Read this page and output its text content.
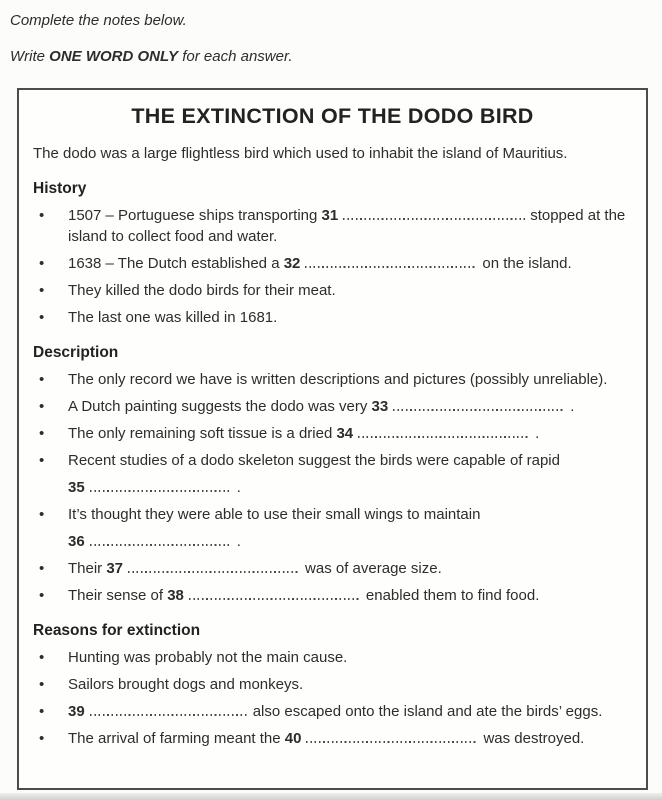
Complete the notes below.
Write ONE WORD ONLY for each answer.
THE EXTINCTION OF THE DODO BIRD
The dodo was a large flightless bird which used to inhabit the island of Mauritius.
History
•	1507 – Portuguese ships transporting 31	stopped at the island to collect food and water.
•	1638 – The Dutch established a 32	on the island.
•	They killed the dodo birds for their meat.
•	The last one was killed in 1681.
Description
•	The only record we have is written descriptions and pictures (possibly unreliable).
•	A Dutch painting suggests the dodo was very 33	.
•	The only remaining soft tissue is a dried 34	.
•	Recent studies of a dodo skeleton suggest the birds were capable of rapid
35	.
•	It’s thought they were able to use their small wings to maintain
36	.
•	Their 37	was of average size.
•	Their sense of 38	enabled them to find food.
Reasons for extinction
•	Hunting was probably not the main cause.
•	Sailors brought dogs and monkeys.
•	39	also escaped onto the island and ate the birds’ eggs.
•	The arrival of farming meant the 40	was destroyed.
